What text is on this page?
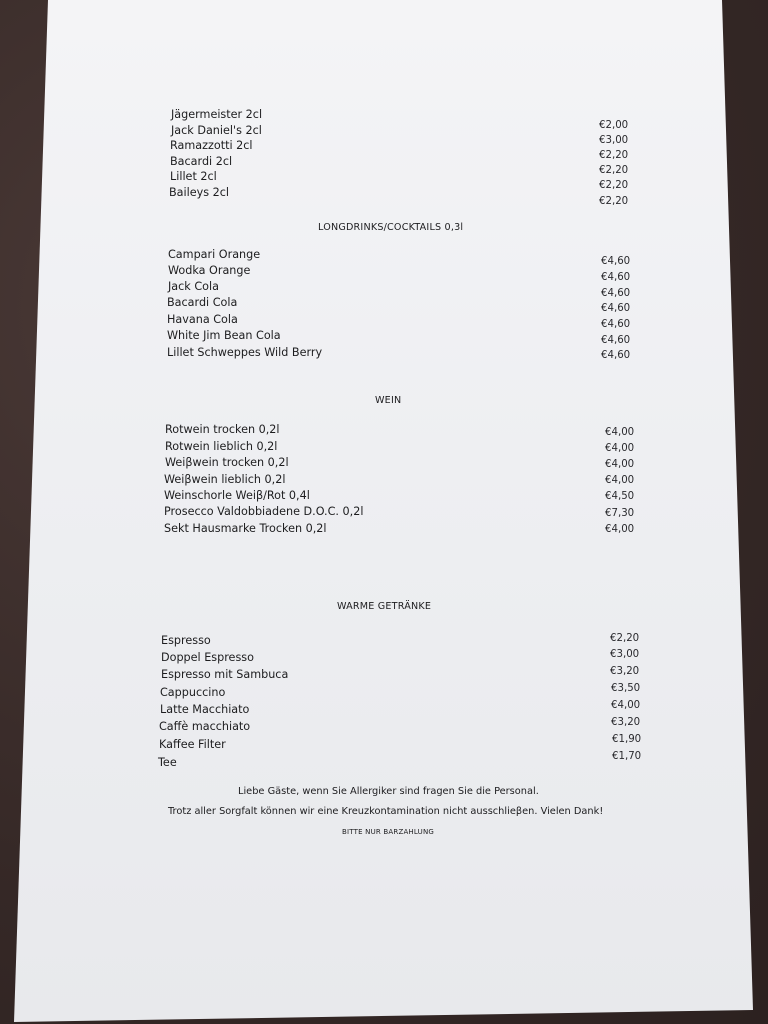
Jägermeister 2cl
Jack Daniel's 2cl
Ramazzotti 2cl
Bacardi 2cl
Lillet 2cl
Baileys 2cl
€2,00
€3,00
€2,20
€2,20
€2,20
€2,20
LONGDRINKS/COCKTAILS 0,3l
Campari Orange
Wodka Orange
Jack Cola
Bacardi Cola
Havana Cola
White Jim Bean Cola
Lillet Schweppes Wild Berry
€4,60
€4,60
€4,60
€4,60
€4,60
€4,60
€4,60
WEIN
Rotwein trocken 0,2l
Rotwein lieblich 0,2l
Weiβwein trocken 0,2l
Weiβwein lieblich 0,2l
Weinschorle Weiβ/Rot 0,4l
Prosecco Valdobbiadene D.O.C. 0,2l
Sekt Hausmarke Trocken 0,2l
€4,00
€4,00
€4,00
€4,00
€4,50
€7,30
€4,00
WARME GETRÄNKE
Espresso
Doppel Espresso
Espresso mit Sambuca
Cappuccino
Latte Macchiato
Caffè macchiato
Kaffee Filter
Tee
€2,20
€3,00
€3,20
€3,50
€4,00
€3,20
€1,90
€1,70
Liebe Gäste, wenn Sie Allergiker sind fragen Sie die Personal.
Trotz aller Sorgfalt können wir eine Kreuzkontamination nicht ausschlieβen. Vielen Dank!
BITTE NUR BARZAHLUNG
